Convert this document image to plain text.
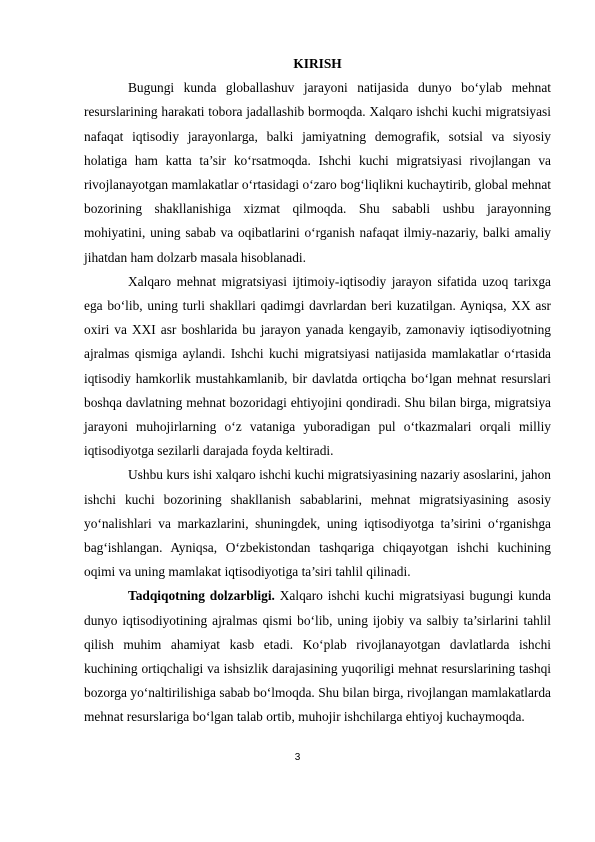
KIRISH

Bugungi kunda globallashuv jarayoni natijasida dunyo bo‘ylab mehnat resurslarining harakati tobora jadallashib bormoqda. Xalqaro ishchi kuchi migratsiyasi nafaqat iqtisodiy jarayonlarga, balki jamiyatning demografik, sotsial va siyosiy holatiga ham katta ta’sir ko‘rsatmoqda. Ishchi kuchi migratsiyasi rivojlangan va rivojlanayotgan mamlakatlar o‘rtasidagi o‘zaro bog‘liqlikni kuchaytirib, global mehnat bozorining shakllanishiga xizmat qilmoqda. Shu sababli ushbu jarayonning mohiyatini, uning sabab va oqibatlarini o‘rganish nafaqat ilmiy-nazariy, balki amaliy jihatdan ham dolzarb masala hisoblanadi.

Xalqaro mehnat migratsiyasi ijtimoiy-iqtisodiy jarayon sifatida uzoq tarixga ega bo‘lib, uning turli shakllari qadimgi davrlardan beri kuzatilgan. Ayniqsa, XX asr oxiri va XXI asr boshlarida bu jarayon yanada kengayib, zamonaviy iqtisodiyotning ajralmas qismiga aylandi. Ishchi kuchi migratsiyasi natijasida mamlakatlar o‘rtasida iqtisodiy hamkorlik mustahkamlanib, bir davlatda ortiqcha bo‘lgan mehnat resurslari boshqa davlatning mehnat bozoridagi ehtiyojini qondiradi. Shu bilan birga, migratsiya jarayoni muhojirlarning o‘z vataniga yuboradigan pul o‘tkazmalari orqali milliy iqtisodiyotga sezilarli darajada foyda keltiradi.

Ushbu kurs ishi xalqaro ishchi kuchi migratsiyasining nazariy asoslarini, jahon ishchi kuchi bozorining shakllanish sabablarini, mehnat migratsiyasining asosiy yo‘nalishlari va markazlarini, shuningdek, uning iqtisodiyotga ta’sirini o‘rganishga bag‘ishlangan. Ayniqsa, O‘zbekistondan tashqariga chiqayotgan ishchi kuchining oqimi va uning mamlakat iqtisodiyotiga ta’siri tahlil qilinadi.

Tadqiqotning dolzarbligi. Xalqaro ishchi kuchi migratsiyasi bugungi kunda dunyo iqtisodiyotining ajralmas qismi bo‘lib, uning ijobiy va salbiy ta’sirlarini tahlil qilish muhim ahamiyat kasb etadi. Ko‘plab rivojlanayotgan davlatlarda ishchi kuchining ortiqchaligi va ishsizlik darajasining yuqoriligi mehnat resurslarining tashqi bozorga yo‘naltirilishiga sabab bo‘lmoqda. Shu bilan birga, rivojlangan mamlakatlarda mehnat resurslariga bo‘lgan talab ortib, muhojir ishchilarga ehtiyoj kuchaymoqda.

3
